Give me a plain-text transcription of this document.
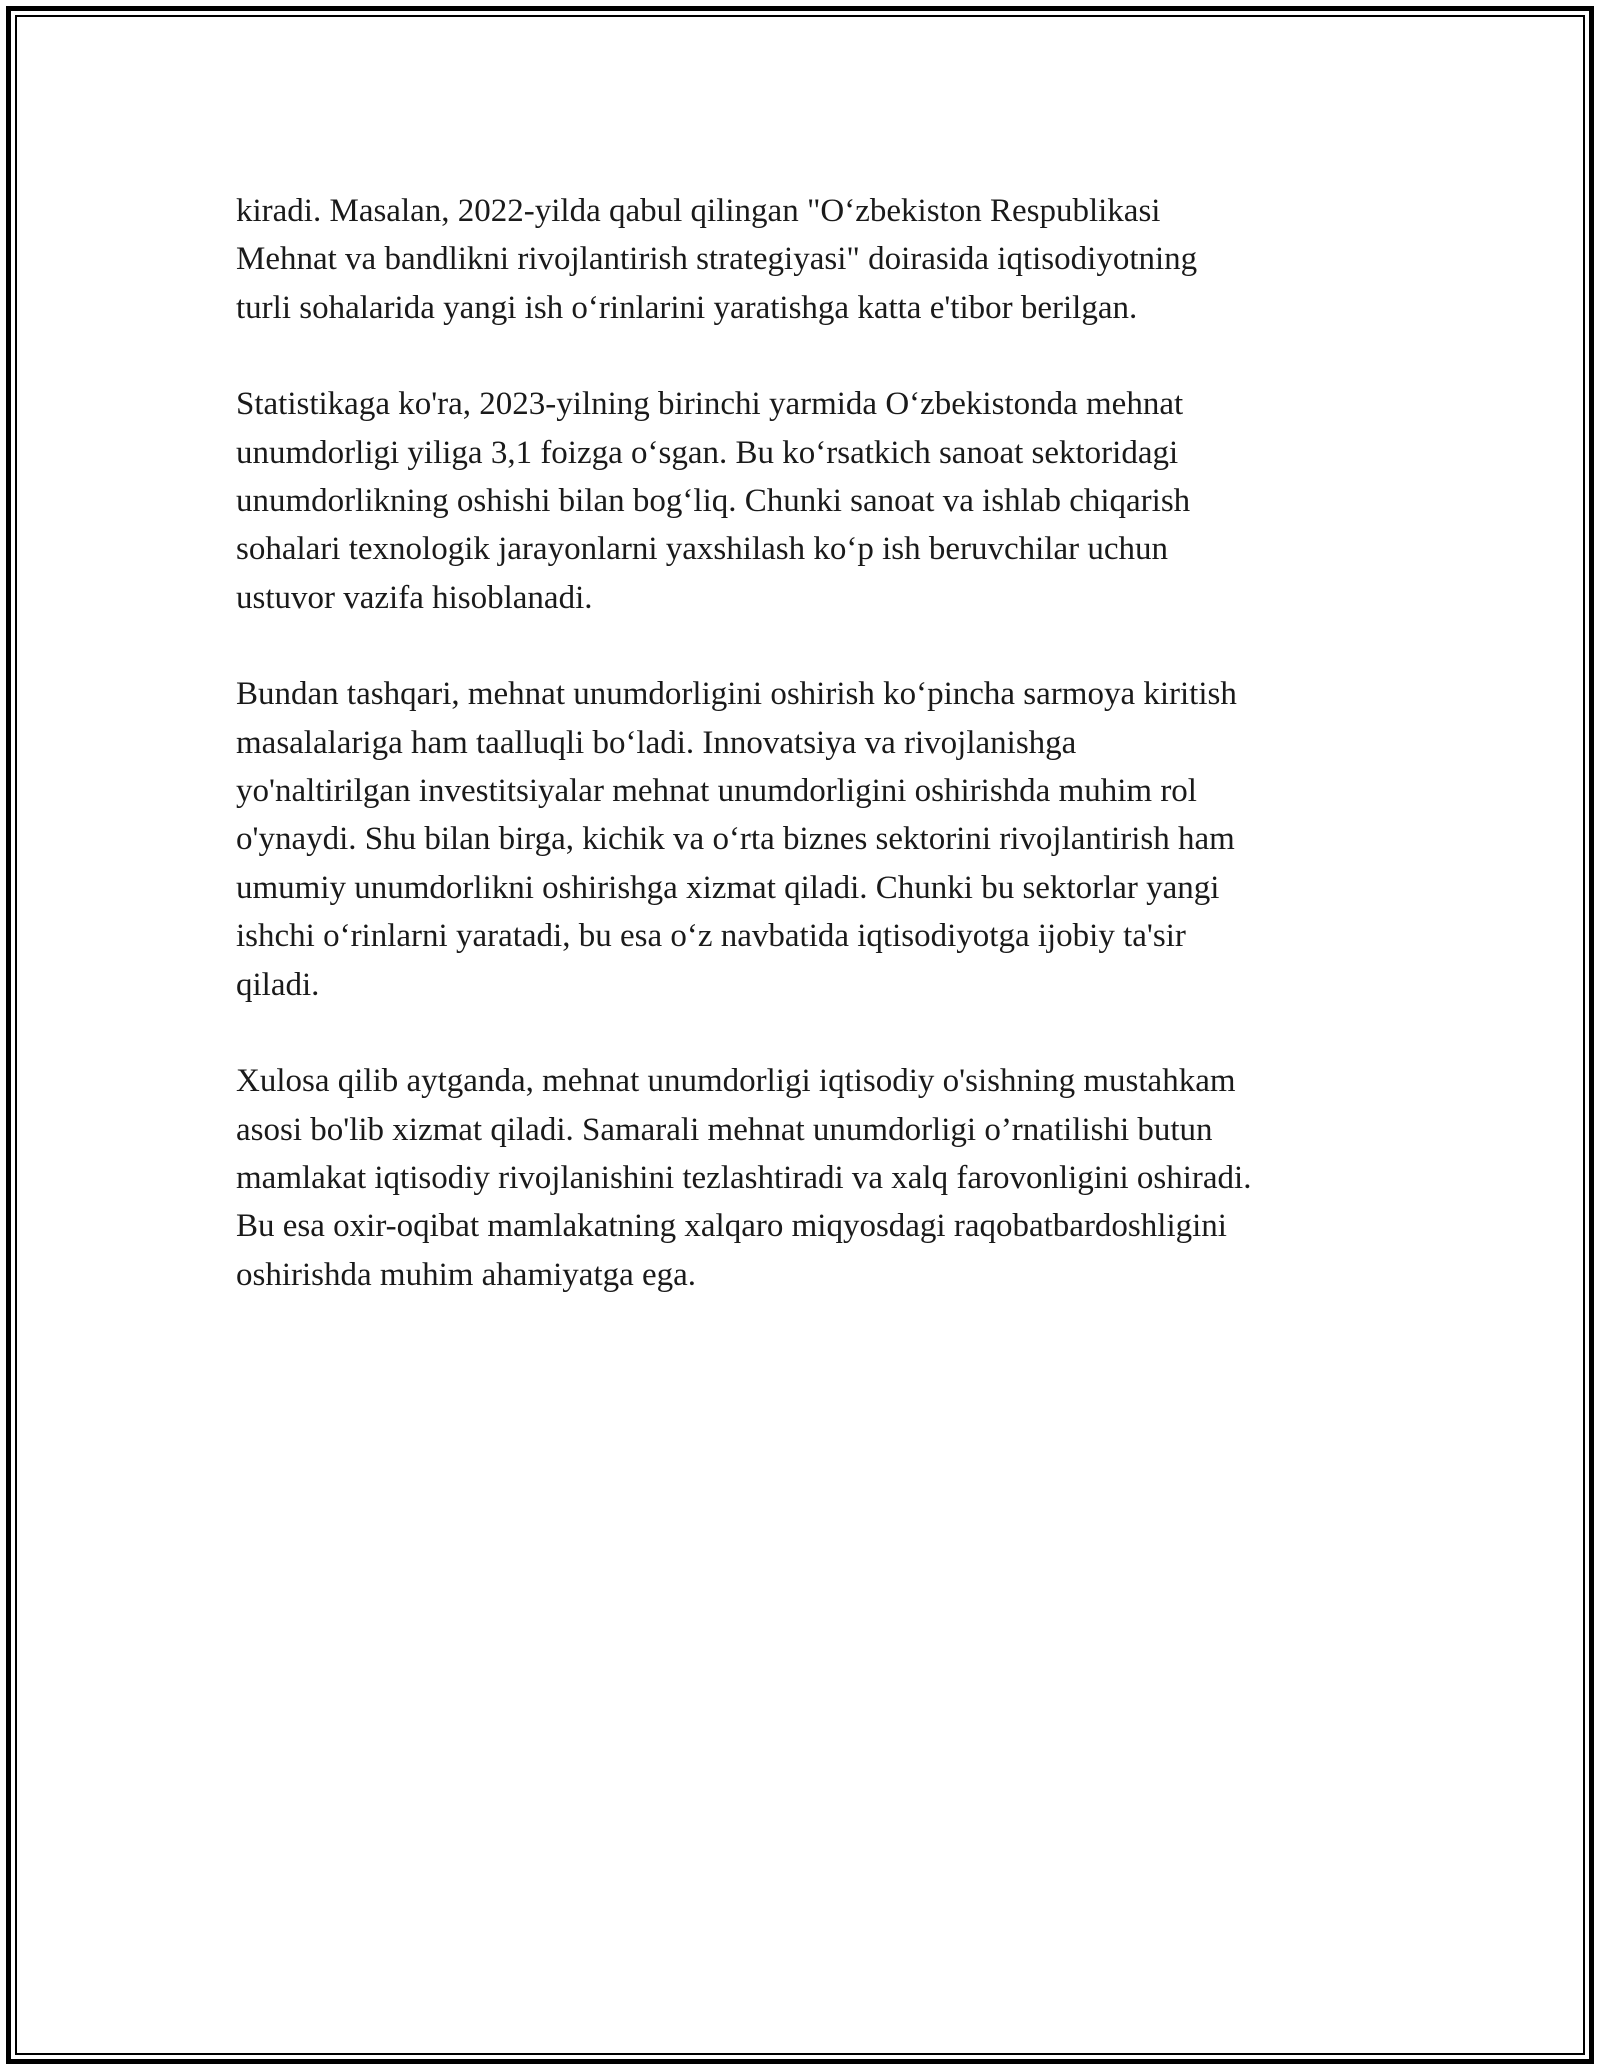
kiradi. Masalan, 2022-yilda qabul qilingan "O‘zbekiston Respublikasi
Mehnat va bandlikni rivojlantirish strategiyasi" doirasida iqtisodiyotning
turli sohalarida yangi ish o‘rinlarini yaratishga katta e'tibor berilgan.

Statistikaga ko'ra, 2023-yilning birinchi yarmida O‘zbekistonda mehnat
unumdorligi yiliga 3,1 foizga o‘sgan. Bu ko‘rsatkich sanoat sektoridagi
unumdorlikning oshishi bilan bog‘liq. Chunki sanoat va ishlab chiqarish
sohalari texnologik jarayonlarni yaxshilash ko‘p ish beruvchilar uchun
ustuvor vazifa hisoblanadi.

Bundan tashqari, mehnat unumdorligini oshirish ko‘pincha sarmoya kiritish
masalalariga ham taalluqli bo‘ladi. Innovatsiya va rivojlanishga
yo'naltirilgan investitsiyalar mehnat unumdorligini oshirishda muhim rol
o'ynaydi. Shu bilan birga, kichik va o‘rta biznes sektorini rivojlantirish ham
umumiy unumdorlikni oshirishga xizmat qiladi. Chunki bu sektorlar yangi
ishchi o‘rinlarni yaratadi, bu esa o‘z navbatida iqtisodiyotga ijobiy ta'sir
qiladi.

Xulosa qilib aytganda, mehnat unumdorligi iqtisodiy o'sishning mustahkam
asosi bo'lib xizmat qiladi. Samarali mehnat unumdorligi o’rnatilishi butun
mamlakat iqtisodiy rivojlanishini tezlashtiradi va xalq farovonligini oshiradi.
Bu esa oxir-oqibat mamlakatning xalqaro miqyosdagi raqobatbardoshligini
oshirishda muhim ahamiyatga ega.
